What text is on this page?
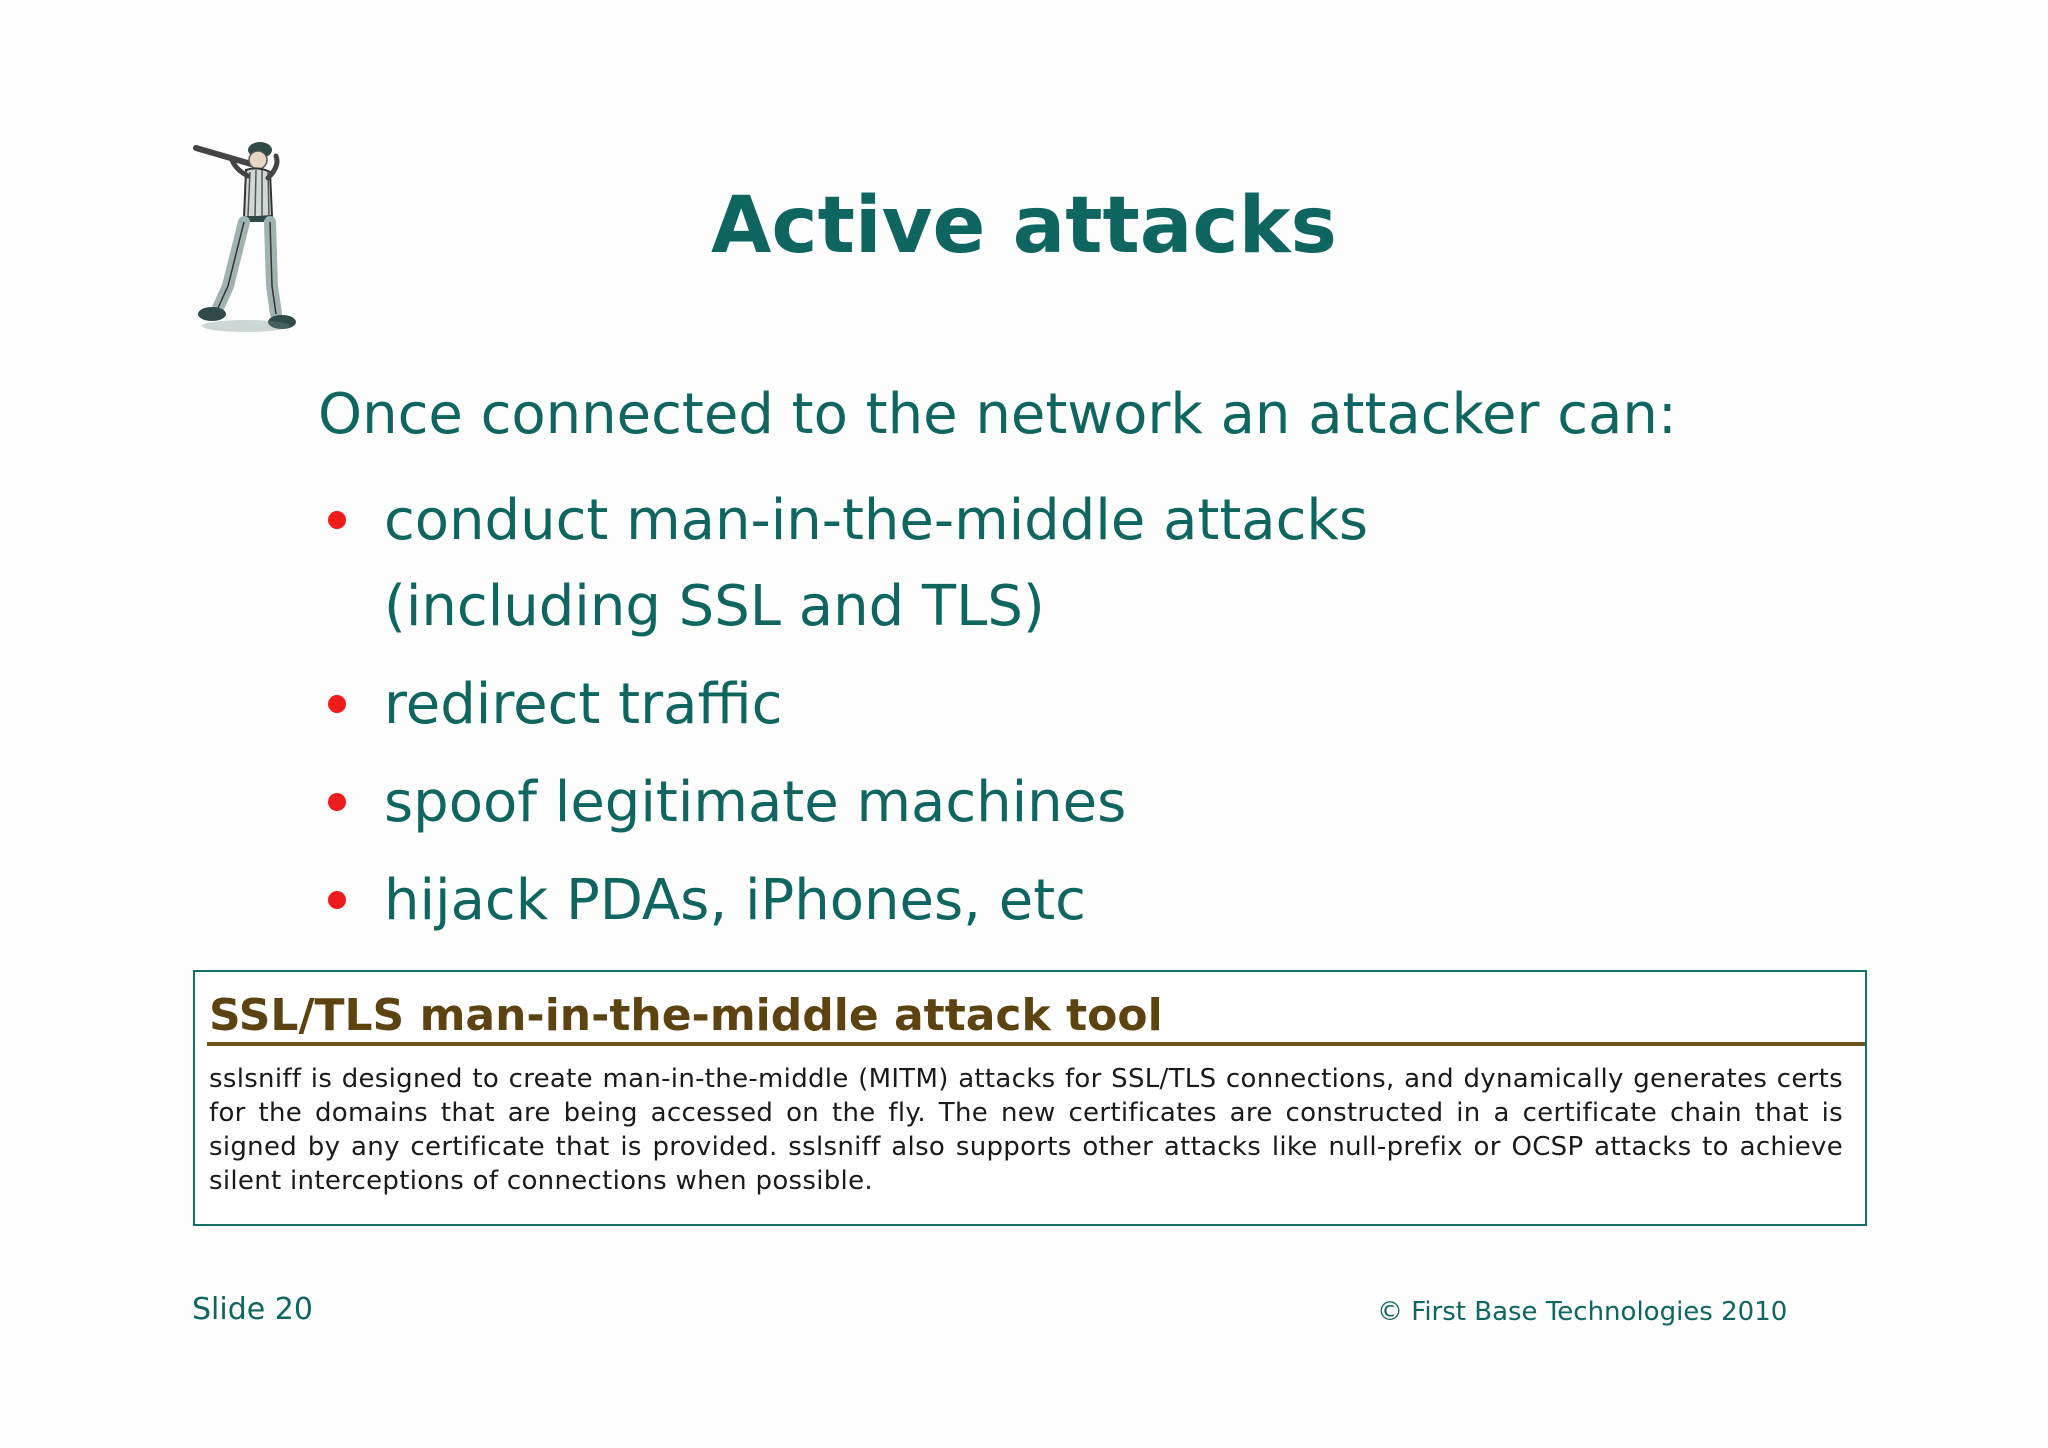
Active attacks
Once connected to the network an attacker can:
conduct man-in-the-middle attacks
(including SSL and TLS)
redirect traffic
spoof legitimate machines
hijack PDAs, iPhones, etc
SSL/TLS man-in-the-middle attack tool
sslsniff is designed to create man-in-the-middle (MITM) attacks for SSL/TLS connections, and dynamically generates certs for the domains that are being accessed on the fly. The new certificates are constructed in a certificate chain that is signed by any certificate that is provided. sslsniff also supports other attacks like null-prefix or OCSP attacks to achieve silent interceptions of connections when possible.
Slide 20	© First Base Technologies 2010
